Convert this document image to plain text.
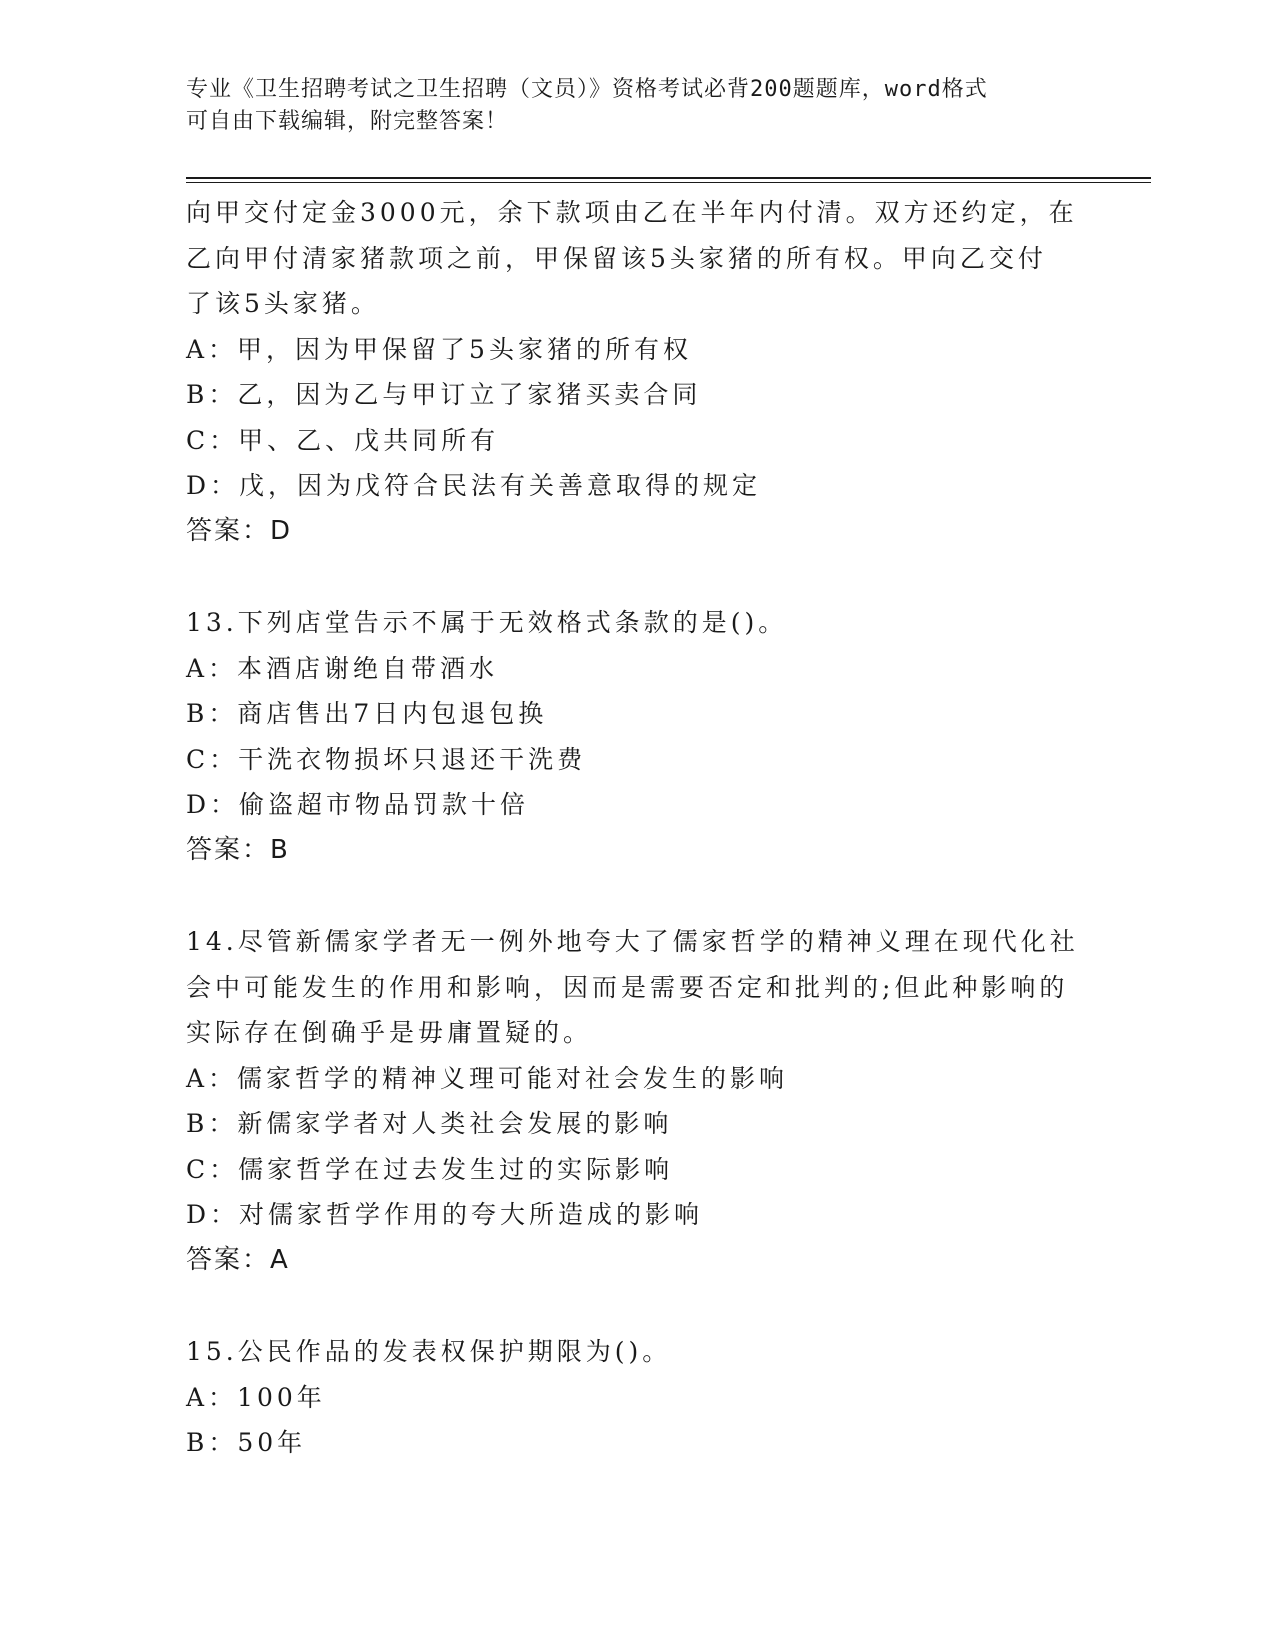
专业《卫生招聘考试之卫生招聘（文员）》资格考试必背200题题库，word格式
可自由下载编辑，附完整答案！
向甲交付定金3000元，余下款项由乙在半年内付清。双方还约定，在
乙向甲付清家猪款项之前，甲保留该5头家猪的所有权。甲向乙交付
了该5头家猪。
A：甲，因为甲保留了5头家猪的所有权
B：乙，因为乙与甲订立了家猪买卖合同
C：甲、乙、戊共同所有
D：戊，因为戊符合民法有关善意取得的规定
答案：D
13.下列店堂告示不属于无效格式条款的是()。
A：本酒店谢绝自带酒水
B：商店售出7日内包退包换
C：干洗衣物损坏只退还干洗费
D：偷盗超市物品罚款十倍
答案：B
14.尽管新儒家学者无一例外地夸大了儒家哲学的精神义理在现代化社
会中可能发生的作用和影响，因而是需要否定和批判的;但此种影响的
实际存在倒确乎是毋庸置疑的。
A：儒家哲学的精神义理可能对社会发生的影响
B：新儒家学者对人类社会发展的影响
C：儒家哲学在过去发生过的实际影响
D：对儒家哲学作用的夸大所造成的影响
答案：A
15.公民作品的发表权保护期限为()。
A：100年
B：50年
